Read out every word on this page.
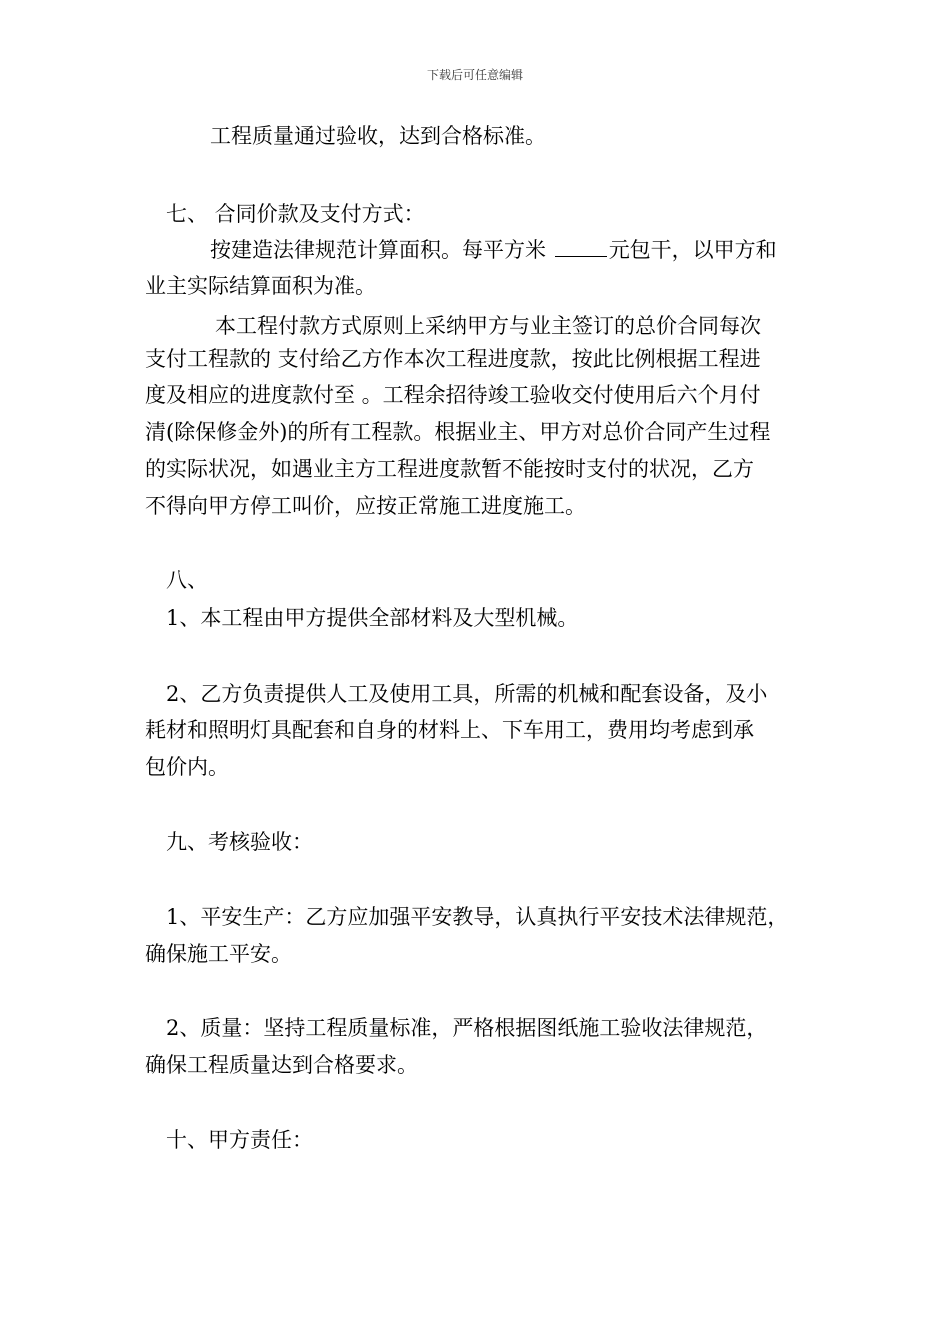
下载后可任意编辑
工程质量通过验收，达到合格标准。
七、 合同价款及支付方式：
按建造法律规范计算面积。每平方米	元包干，以甲方和
业主实际结算面积为准。
本工程付款方式原则上采纳甲方与业主签订的总价合同每次
支付工程款的 支付给乙方作本次工程进度款，按此比例根据工程进
度及相应的进度款付至 。工程余招待竣工验收交付使用后六个月付
清(除保修金外)的所有工程款。根据业主、甲方对总价合同产生过程
的实际状况，如遇业主方工程进度款暂不能按时支付的状况，乙方
不得向甲方停工叫价，应按正常施工进度施工。
八、
1、本工程由甲方提供全部材料及大型机械。
2、乙方负责提供人工及使用工具，所需的机械和配套设备，及小
耗材和照明灯具配套和自身的材料上、下车用工，费用均考虑到承
包价内。
九、考核验收：
1、平安生产：乙方应加强平安教导，认真执行平安技术法律规范，
确保施工平安。
2、质量：坚持工程质量标准，严格根据图纸施工验收法律规范，
确保工程质量达到合格要求。
十、甲方责任：
